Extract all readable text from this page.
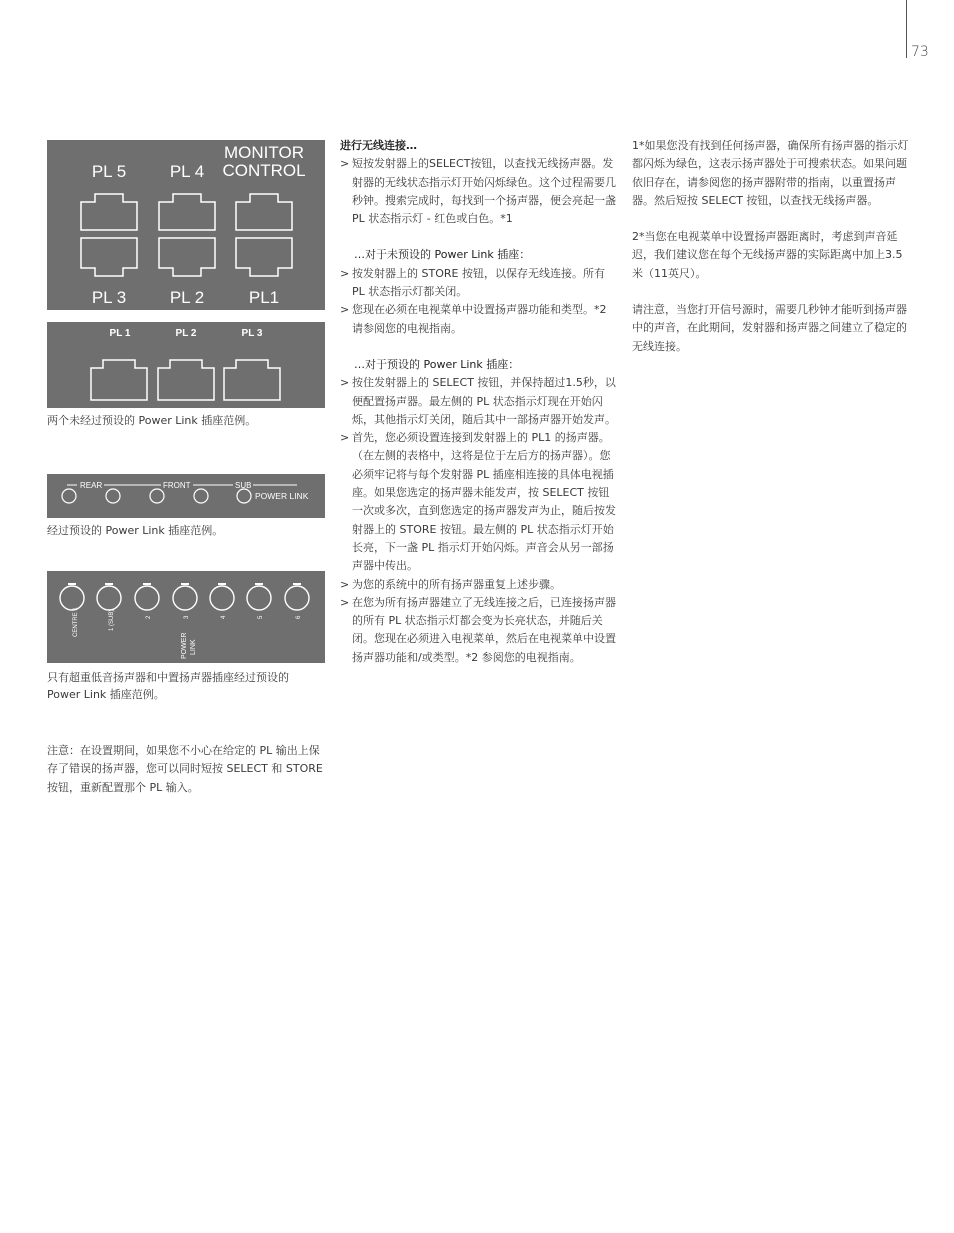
73
PL 5	PL 4
MONITOR
CONTROL
PL 3	PL 2	PL1
PL 1	PL 2	PL 3
两个未经过预设的 Power Link 插座范例。
REAR	FRONT	SUB
POWER LINK
经过预设的 Power Link 插座范例。
CENTRE 1	1 (SUB)	2	3	4	5	6
POWER LINK
只有超重低音扬声器和中置扬声器插座经过预设的
Power Link 插座范例。
注意：在设置期间，如果您不小心在给定的 PL 输出上保存了错误的扬声器，您可以同时短按 SELECT 和 STORE 按钮，重新配置那个 PL 输入。
进行无线连接…
> 短按发射器上的SELECT按钮，以查找无线扬声器。发射器的无线状态指示灯开始闪烁绿色。这个过程需要几秒钟。搜索完成时，每找到一个扬声器，便会亮起一盏 PL 状态指示灯 - 红色或白色。*1
…对于未预设的 Power Link 插座：
> 按发射器上的 STORE 按钮，以保存无线连接。所有 PL 状态指示灯都关闭。
> 您现在必须在电视菜单中设置扬声器功能和类型。*2 请参阅您的电视指南。
…对于预设的 Power Link 插座：
> 按住发射器上的 SELECT 按钮，并保持超过1.5秒，以便配置扬声器。最左侧的 PL 状态指示灯现在开始闪烁，其他指示灯关闭，随后其中一部扬声器开始发声。
> 首先，您必须设置连接到发射器上的 PL1 的扬声器。（在左侧的表格中，这将是位于左后方的扬声器）。您必须牢记将与每个发射器 PL 插座相连接的具体电视插座。如果您选定的扬声器未能发声，按 SELECT 按钮一次或多次，直到您选定的扬声器发声为止，随后按发射器上的 STORE 按钮。最左侧的 PL 状态指示灯开始长亮，下一盏 PL 指示灯开始闪烁。声音会从另一部扬声器中传出。
> 为您的系统中的所有扬声器重复上述步骤。
> 在您为所有扬声器建立了无线连接之后，已连接扬声器的所有 PL 状态指示灯都会变为长亮状态，并随后关闭。您现在必须进入电视菜单，然后在电视菜单中设置扬声器功能和/或类型。*2 参阅您的电视指南。
1*如果您没有找到任何扬声器，确保所有扬声器的指示灯都闪烁为绿色，这表示扬声器处于可搜索状态。如果问题依旧存在，请参阅您的扬声器附带的指南，以重置扬声器。然后短按 SELECT 按钮，以查找无线扬声器。
2*当您在电视菜单中设置扬声器距离时，考虑到声音延迟，我们建议您在每个无线扬声器的实际距离中加上3.5米（11英尺）。
请注意，当您打开信号源时，需要几秒钟才能听到扬声器中的声音，在此期间，发射器和扬声器之间建立了稳定的无线连接。
